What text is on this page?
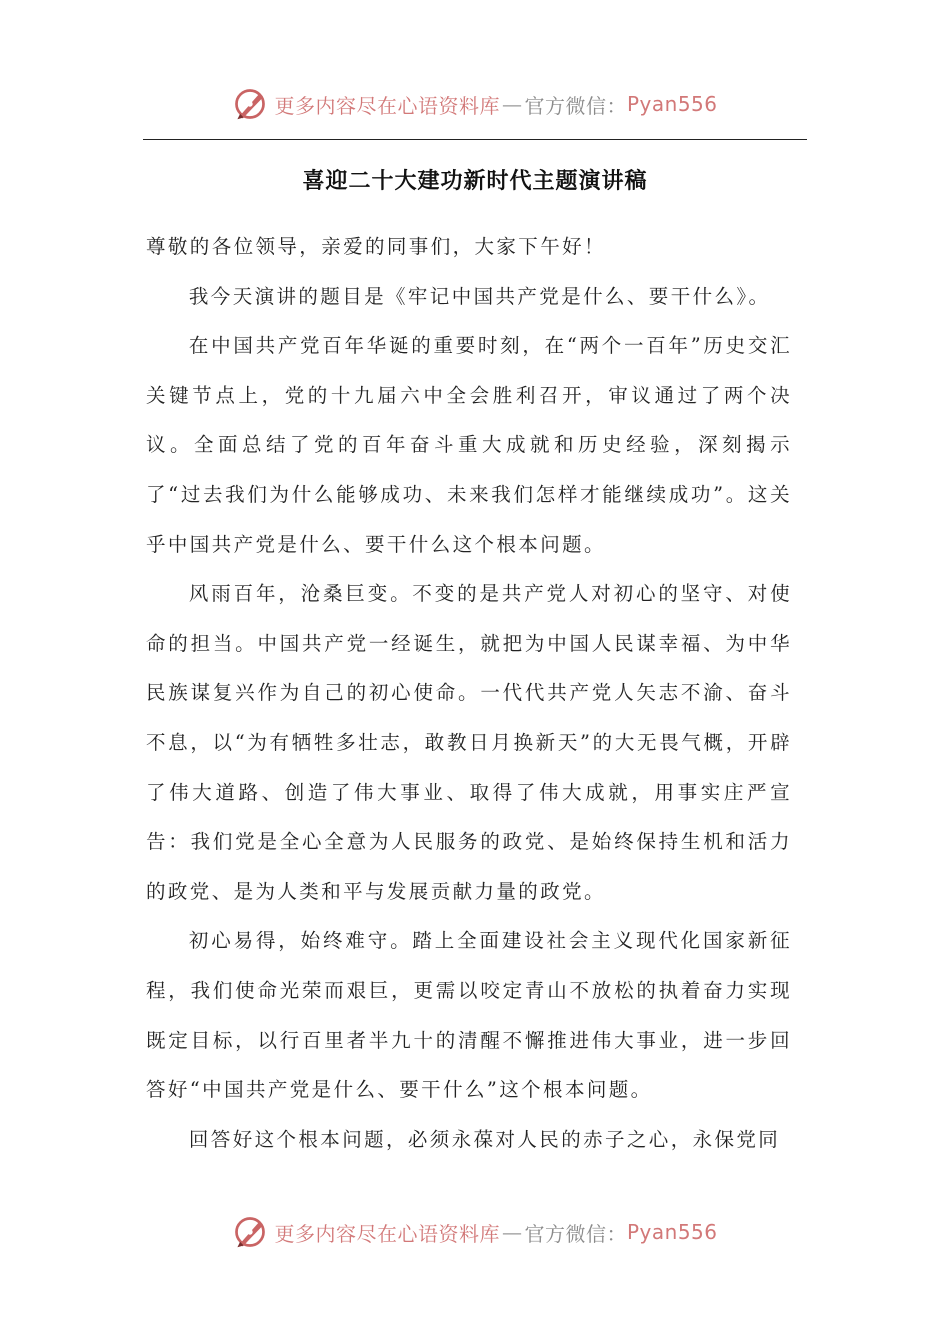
更多内容尽在心语资料库 — 官方微信： Pyan556
喜迎二十大建功新时代主题演讲稿

尊敬的各位领导，亲爱的同事们，大家下午好！

我今天演讲的题目是《牢记中国共产党是什么、要干什么》。

在中国共产党百年华诞的重要时刻，在“两个一百年”历史交汇关键节点上，党的十九届六中全会胜利召开，审议通过了两个决议。全面总结了党的百年奋斗重大成就和历史经验，深刻揭示了“过去我们为什么能够成功、未来我们怎样才能继续成功”。这关乎中国共产党是什么、要干什么这个根本问题。

风雨百年，沧桑巨变。不变的是共产党人对初心的坚守、对使命的担当。中国共产党一经诞生，就把为中国人民谋幸福、为中华民族谋复兴作为自己的初心使命。一代代共产党人矢志不渝、奋斗不息，以“为有牺牲多壮志，敢教日月换新天”的大无畏气概，开辟了伟大道路、创造了伟大事业、取得了伟大成就，用事实庄严宣告：我们党是全心全意为人民服务的政党、是始终保持生机和活力的政党、是为人类和平与发展贡献力量的政党。

初心易得，始终难守。踏上全面建设社会主义现代化国家新征程，我们使命光荣而艰巨，更需以咬定青山不放松的执着奋力实现既定目标，以行百里者半九十的清醒不懈推进伟大事业，进一步回答好“中国共产党是什么、要干什么”这个根本问题。

回答好这个根本问题，必须永葆对人民的赤子之心，永保党同

更多内容尽在心语资料库 — 官方微信： Pyan556
